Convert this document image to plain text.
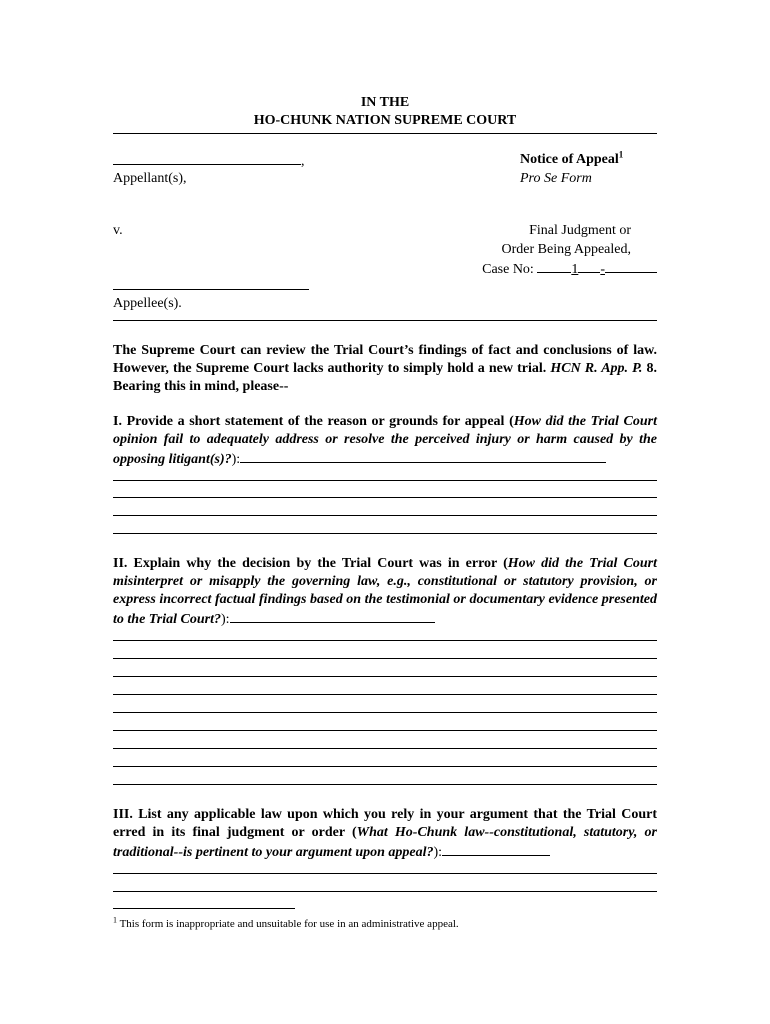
IN THE
HO-CHUNK NATION SUPREME COURT
,
Appellant(s),
v.
Appellee(s).
Notice of Appeal$^1$
Pro Se Form
Final Judgment or
Order Being Appealed,
Case No:	1 -
The Supreme Court can review the Trial Court’s findings of fact and conclusions of law. However, the Supreme Court lacks authority to simply hold a new trial. HCN R. App. P. 8. Bearing this in mind, please--
I. Provide a short statement of the reason or grounds for appeal (How did the Trial Court opinion fail to adequately address or resolve the perceived injury or harm caused by the opposing litigant(s)?):
II. Explain why the decision by the Trial Court was in error (How did the Trial Court misinterpret or misapply the governing law, e.g., constitutional or statutory provision, or express incorrect factual findings based on the testimonial or documentary evidence presented to the Trial Court?):
III. List any applicable law upon which you rely in your argument that the Trial Court erred in its final judgment or order (What Ho-Chunk law--constitutional, statutory, or traditional--is pertinent to your argument upon appeal?):
$^1$ This form is inappropriate and unsuitable for use in an administrative appeal.
